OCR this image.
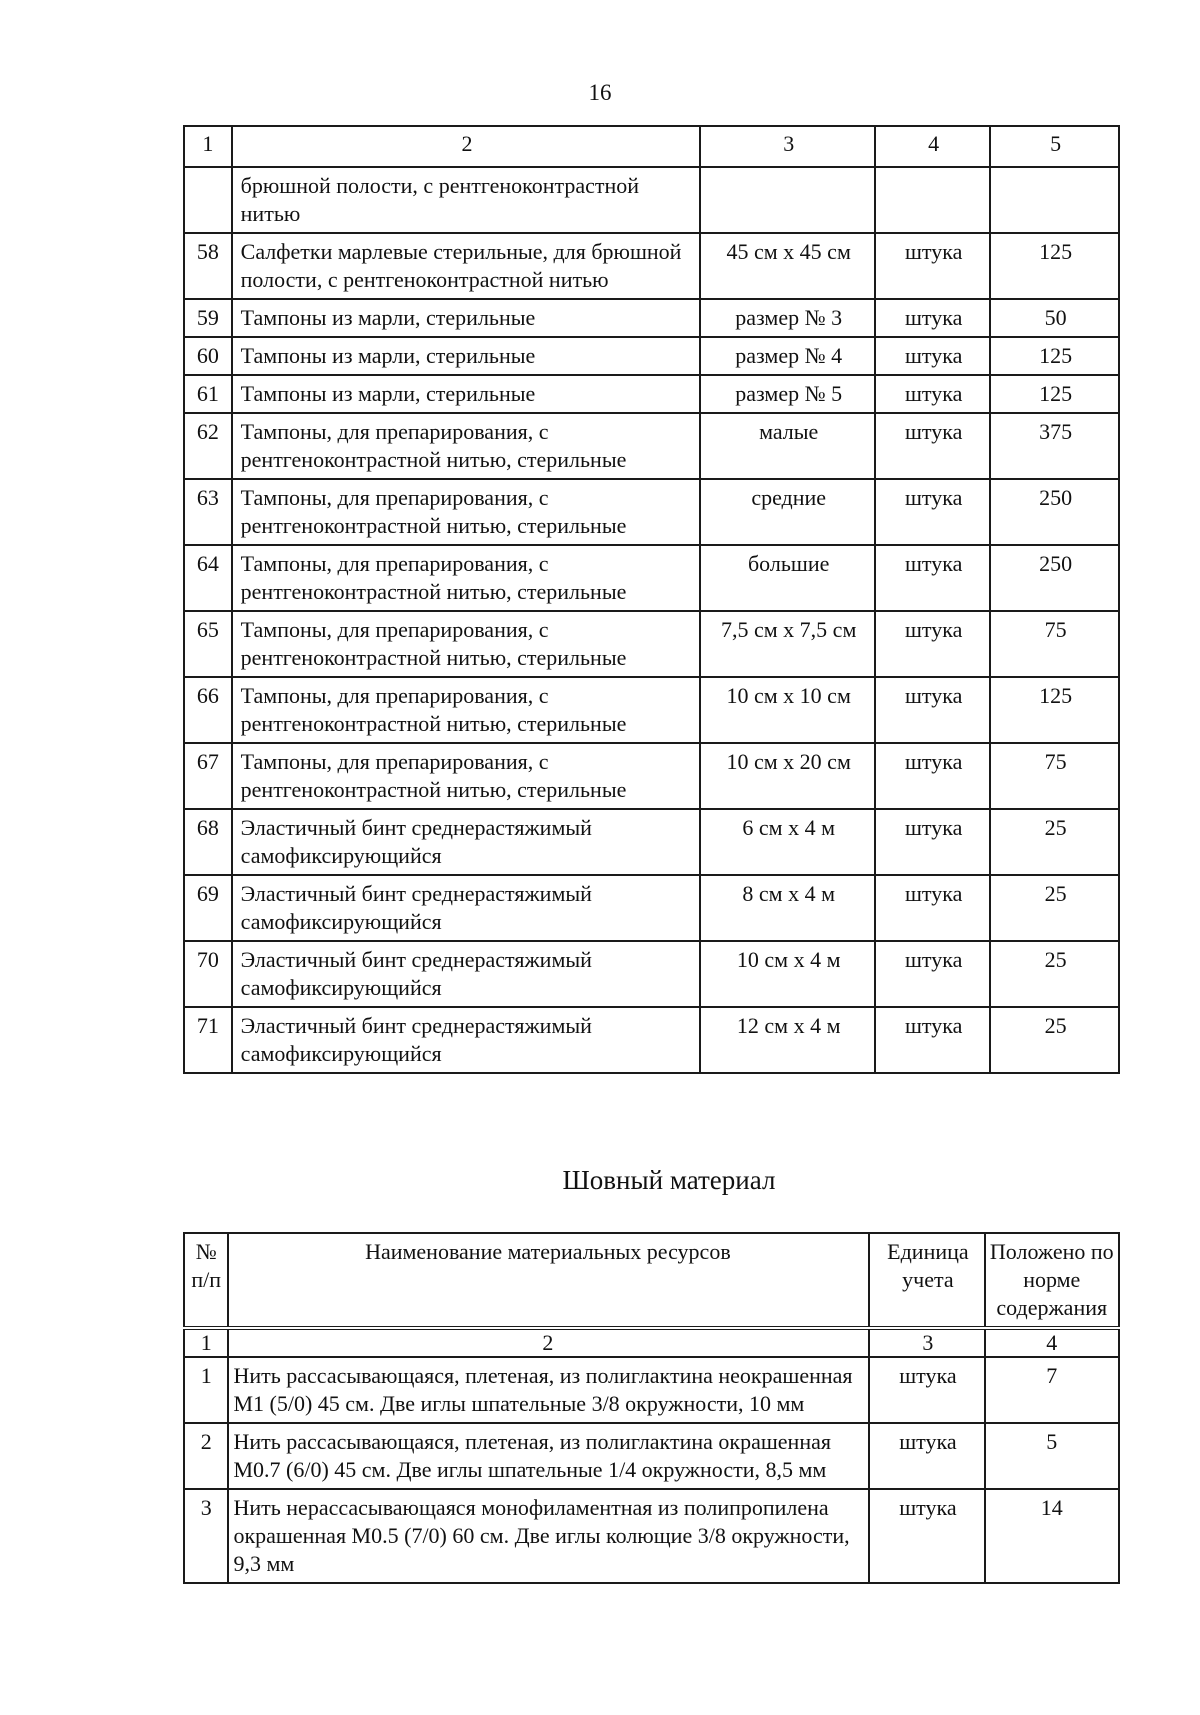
16
1	2	3	4	5
	брюшной полости, с рентгеноконтрастной нитью			
58	Салфетки марлевые стерильные, для брюшной полости, с рентгеноконтрастной нитью	45 см х 45 см	штука	125
59	Тампоны из марли, стерильные	размер № 3	штука	50
60	Тампоны из марли, стерильные	размер № 4	штука	125
61	Тампоны из марли, стерильные	размер № 5	штука	125
62	Тампоны, для препарирования, с рентгеноконтрастной нитью, стерильные	малые	штука	375
63	Тампоны, для препарирования, с рентгеноконтрастной нитью, стерильные	средние	штука	250
64	Тампоны, для препарирования, с рентгеноконтрастной нитью, стерильные	большие	штука	250
65	Тампоны, для препарирования, с рентгеноконтрастной нитью, стерильные	7,5 см х 7,5 см	штука	75
66	Тампоны, для препарирования, с рентгеноконтрастной нитью, стерильные	10 см х 10 см	штука	125
67	Тампоны, для препарирования, с рентгеноконтрастной нитью, стерильные	10 см х 20 см	штука	75
68	Эластичный бинт среднерастяжимый самофиксирующийся	6 см х 4 м	штука	25
69	Эластичный бинт среднерастяжимый самофиксирующийся	8 см х 4 м	штука	25
70	Эластичный бинт среднерастяжимый самофиксирующийся	10 см х 4 м	штука	25
71	Эластичный бинт среднерастяжимый самофиксирующийся	12 см х 4 м	штука	25
Шовный материал
№ п/п	Наименование материальных ресурсов	Единица учета	Положено по норме содержания
1	2	3	4
1	Нить рассасывающаяся, плетеная, из полиглактина неокрашенная M1 (5/0) 45 см. Две иглы шпательные 3/8 окружности, 10 мм	штука	7
2	Нить рассасывающаяся, плетеная, из полиглактина окрашенная M0.7 (6/0) 45 см. Две иглы шпательные 1/4 окружности, 8,5 мм	штука	5
3	Нить нерассасывающаяся монофиламентная из полипропилена окрашенная M0.5 (7/0) 60 см. Две иглы колющие 3/8 окружности, 9,3 мм	штука	14
